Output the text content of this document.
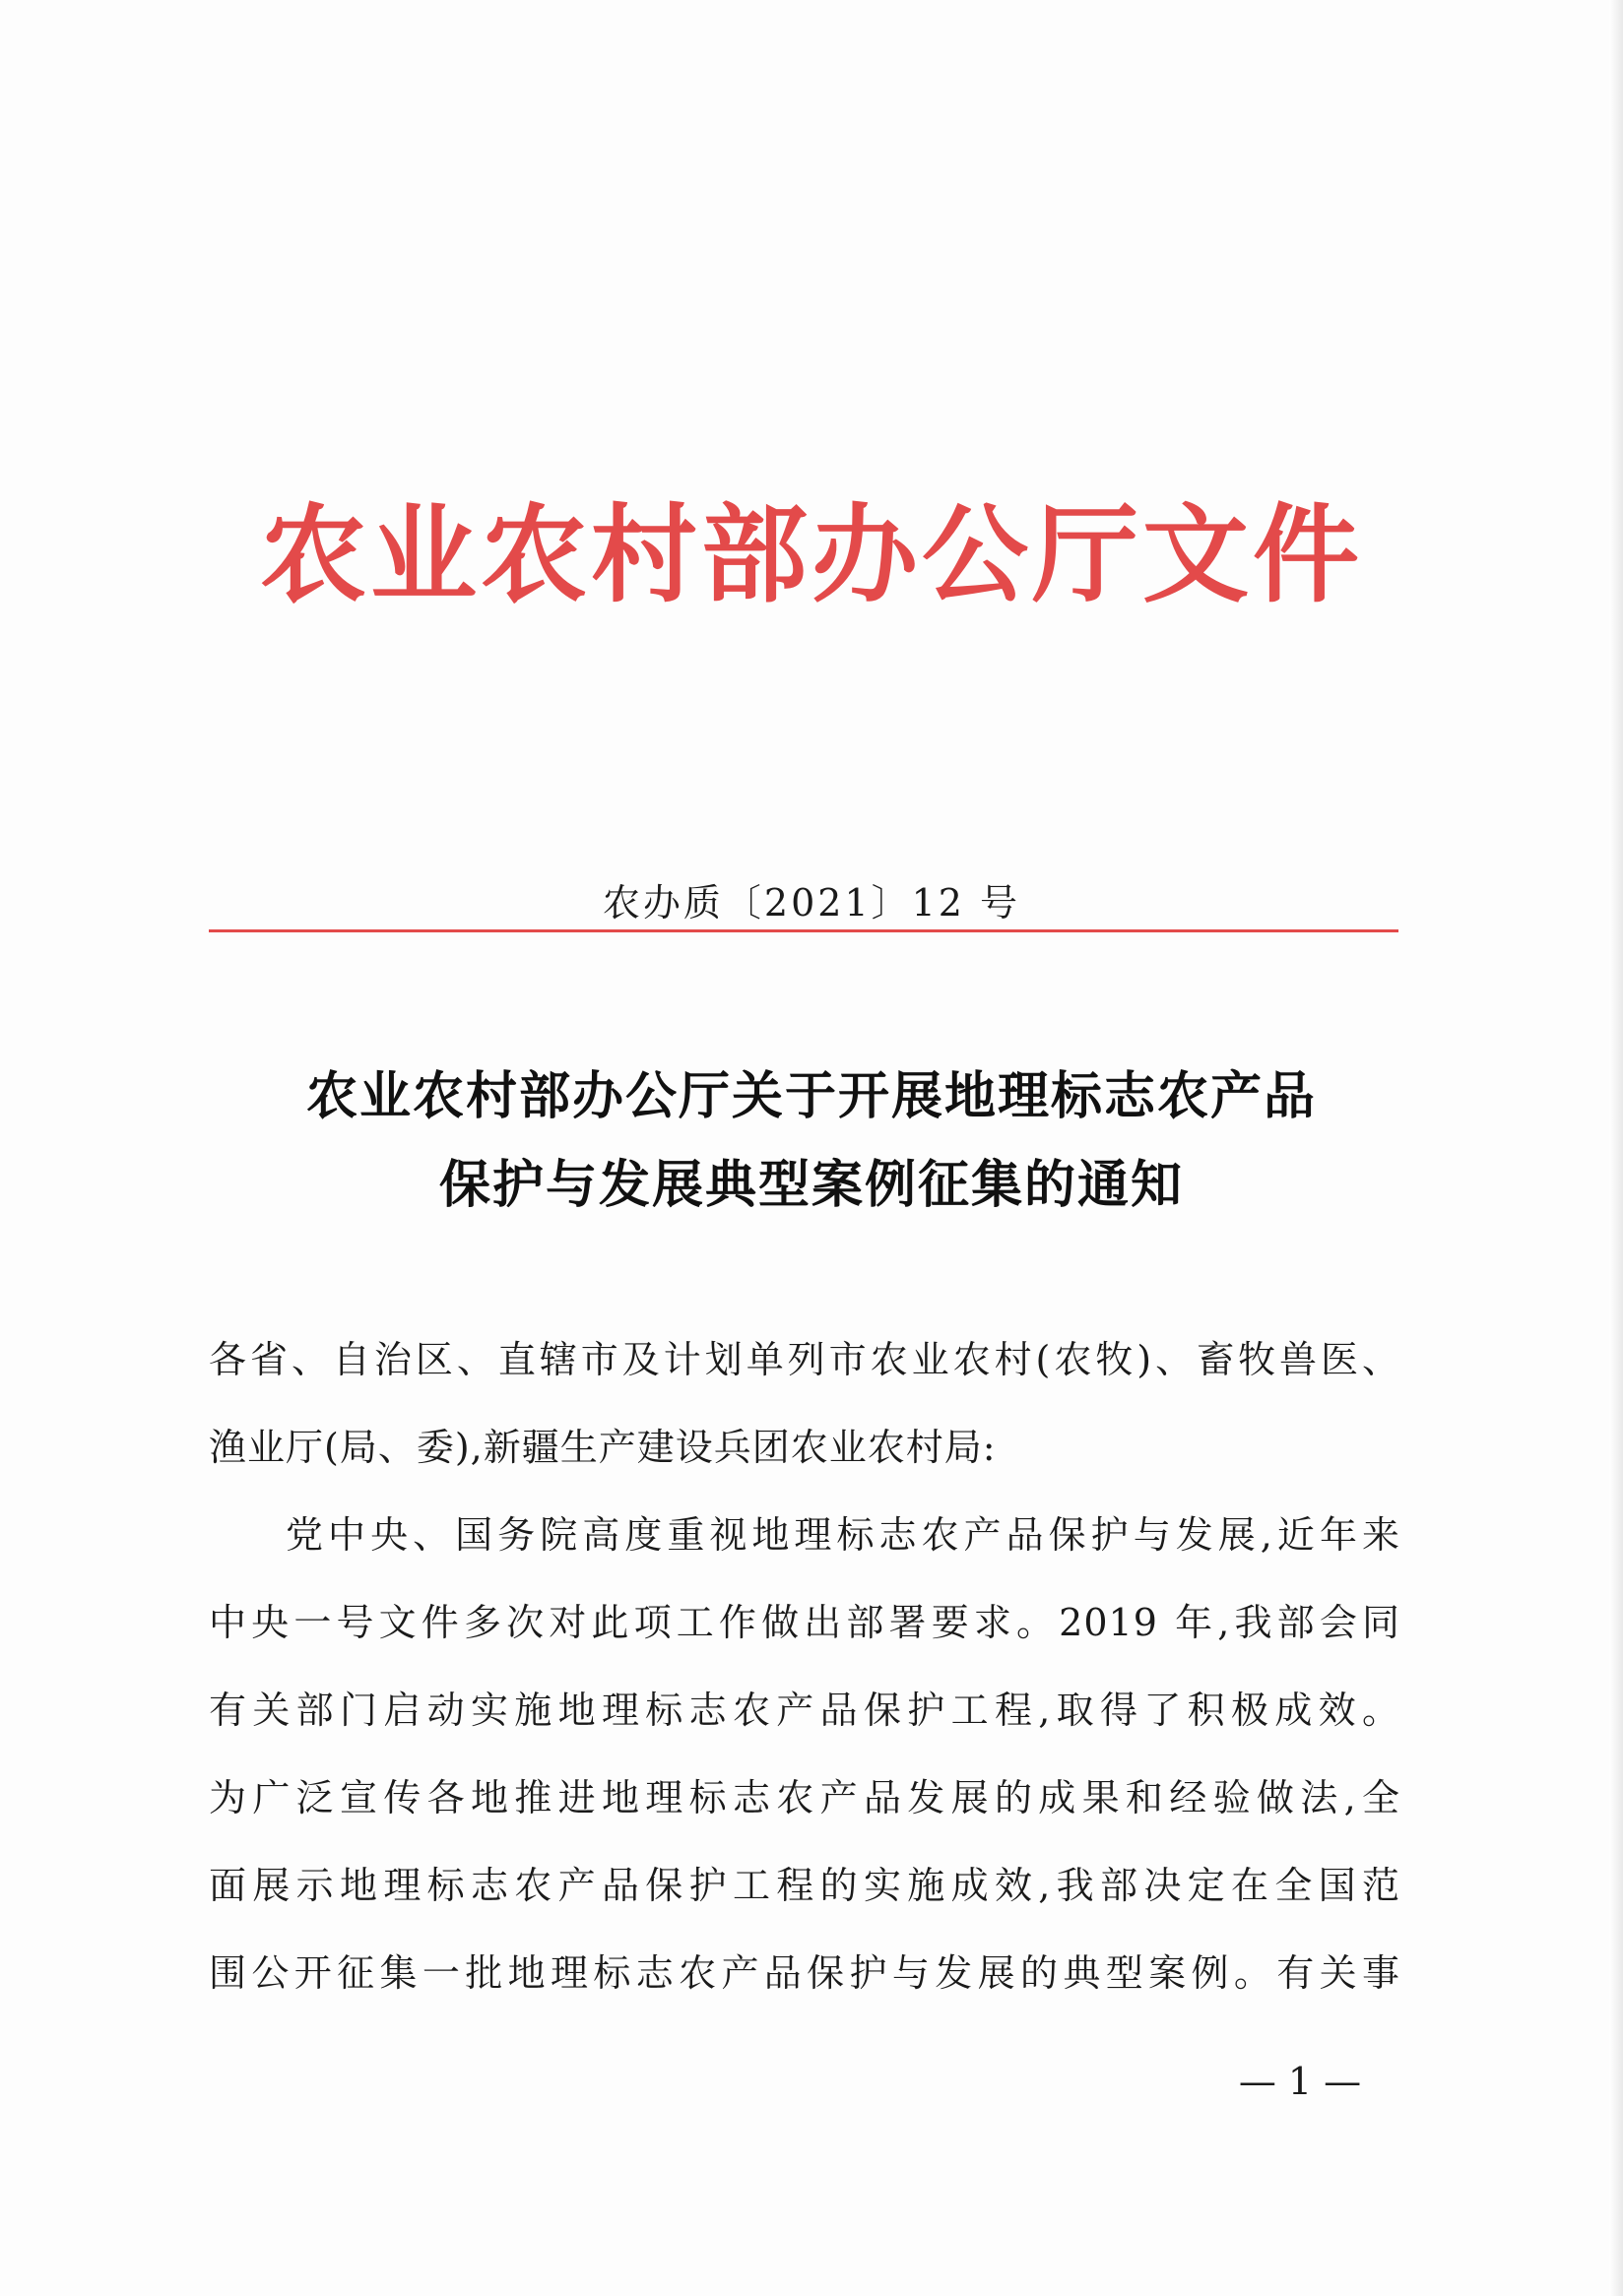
农业农村部办公厅文件
农办质〔2021〕12 号
农业农村部办公厅关于开展地理标志农产品
保护与发展典型案例征集的通知
各省、自治区、直辖市及计划单列市农业农村(农牧)、畜牧兽医、
渔业厅(局、委),新疆生产建设兵团农业农村局:
党中央、国务院高度重视地理标志农产品保护与发展,近年来
中央一号文件多次对此项工作做出部署要求。2019 年,我部会同
有关部门启动实施地理标志农产品保护工程,取得了积极成效。
为广泛宣传各地推进地理标志农产品发展的成果和经验做法,全
面展示地理标志农产品保护工程的实施成效,我部决定在全国范
围公开征集一批地理标志农产品保护与发展的典型案例。有关事
— 1 —
